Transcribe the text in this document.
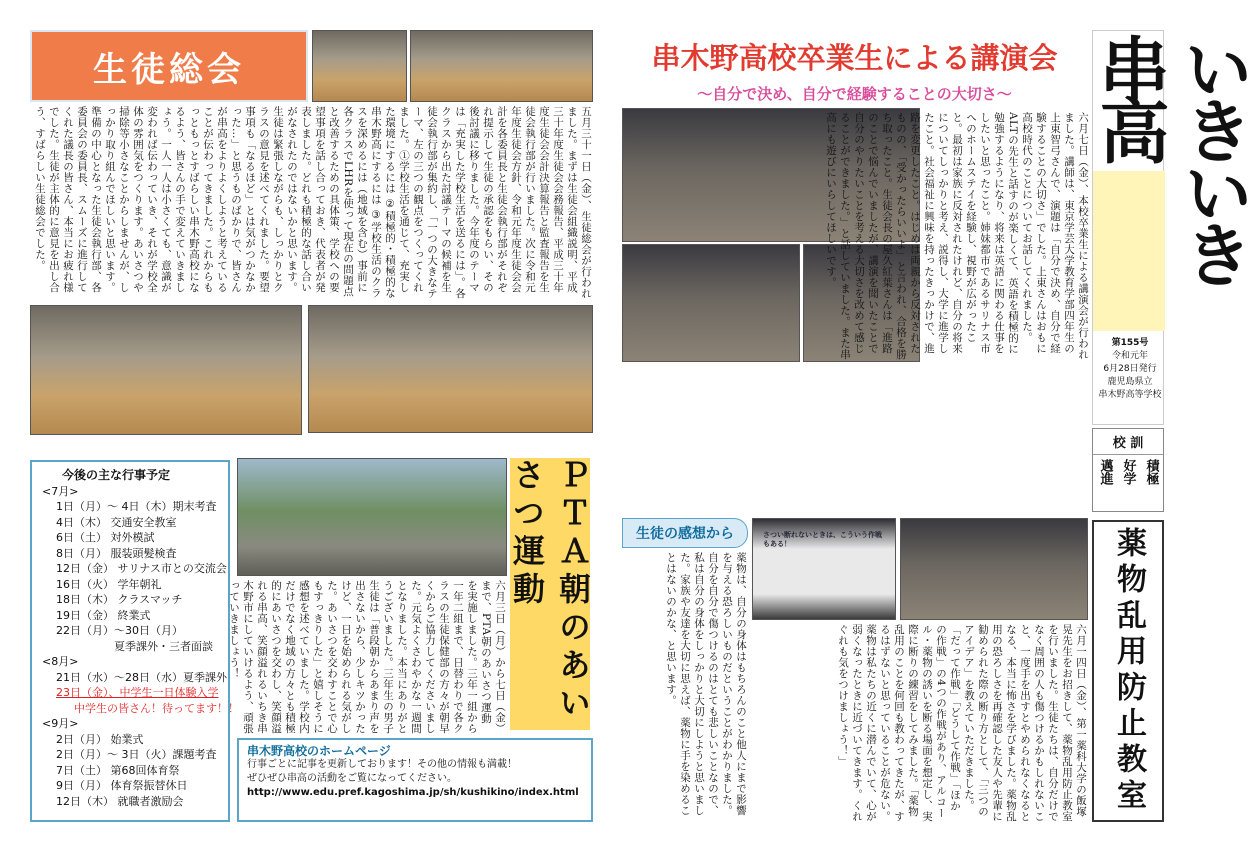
生徒総会
五月三十一日（金）、生徒総会が行われました。まずは生徒会組織説明、平成三十年度生徒会会務報告、平成三十年度生徒会会計決算報告と監査報告を生徒会執行部が行いました。次に令和元年度生徒会方針、令和元年度生徒会会計を各委員長と生徒会執行部がそれぞれ提示して生徒の承認をもらい、その後討議に移りました。今年度のテーマは「充実した学校生活を送るには」。各クラスから出た討議テーマの候補を生徒会執行部が集約し、「一つの大きなテーマ、左の三つの観点をつくってくれました。①学校生活を通じて、充実した環境にするには ②積極的・積極的な串木野高にするには ③学校生活のクラスを深めるには（地域を含む）事前に各クラスでLHRを使って現在の問題点と改善するための具体策、学校への要望事項を話し合っておき、代表者が発表しました。どれも積極的な話し合いがなされたのではないかと思います。生徒は緊張しながらも、しっかりとクラスの意見を述べてくれました。要望事項も「なるほど」とは気がつかなかった…」と思うものばかりで、皆さんが串高をよりよくしようと考えていることが伝わってきました。これからもっともっとすばらしい串木野高校になるよう、皆さんの手で変えていきましょう。一人一人は小さくても、意識が変われば伝わっていき、それが学校全体の雰囲気をつくります。あいさつや掃除等小さなことからしませんが、しっかり取り組んでほしいと思います。準備の中心となった生徒会執行部、各委員会の委員長、スムーズに進行してくれた議長の皆さん、本当にお疲れ様でした。生徒が主体的に意見を出し合う、すばらしい生徒総会でした。
今後の主な行事予定
<7月>
1日（月）～ 4日（木）期末考査
4日（木） 交通安全教室
6日（土） 対外模試
8日（月） 服装頭髪検査
12日（金） サリナス市との交流会
16日（火） 学年朝礼
18日（木） クラスマッチ
19日（金） 終業式
22日（月）～30日（月）
夏季課外・三者面談
<8月>
21日（水）～28日（水）夏季課外
23日（金）、中学生一日体験入学
中学生の皆さん！待ってます！！
<9月>
2日（月） 始業式
2日（月）～ 3日（火）課題考査
7日（土） 第68回体育祭
9日（月） 体育祭振替休日
12日（木） 就職者激励会
ＰＴＡ朝のあいさつ運動
六月三日（月）から七日（金）まで、PTA朝のあいさつ運動を実施しました。三年一組から一年二組まで、日替わりで各クラスの生徒保健部の方々が朝早くからご協力してくださいました。元気よくさわやかな一週間となりました。本当にありがとうございました。三年生の男子生徒は「普段朝からあまり声を出さないから、少しキツかったけど、一日を始められる気がした。あいさつを交わすことで心もすっきりした」と嬉しそうに感想を述べていました。学校内だけでなく地域の方々とも積極的にあいさつを交わし、笑顔溢れる串高、笑顔溢れるいちき串木野市にしていけるよう、頑張っていきましょう！
串木野高校のホームページ
行事ごとに記事を更新しております！その他の情報も満載！
ぜひぜひ串高の活動をご覧になってください。
http://www.edu.pref.kagoshima.jp/sh/kushikino/index.html
串木野高校卒業生による講演会
～自分で決め、自分で経験することの大切さ～	いきいき串高
第155号
令和元年
6月28日発行
鹿児島県立
串木野高等学校
六月七日（金）、本校卒業生による講演会が行われました。講師は、東京学芸大学教育学部四年生の上東智弓さんで、演題は「自分で決め、自分で経験することの大切さ」でした。上東さんはおもに高校時代のことについてお話してくれました。ALTの先生と話すのが楽しくて、英語を積極的に勉強するようになり、将来は英語に関わる仕事をしたいと思ったこと。姉妹都市であるサリナス市へのホームステイを経験し、視野が広がったこと。最初は家族に反対されたけれど、自分の将来についてしっかりと考え、説得し、大学に進学したこと。社会福祉に興味を持ったきっかけで、進路を変更したこと。はじめは両親から反対されたものの、「受かったらいいよ」と言われ、合格を勝ち取ったこと。生徒会長の屋久紅葉さんは「進路のことで悩んでいましたが、講演を聞いたことで自分のやりたいことを考える大切さを改めて感じることができました。」と話していました。また串高にも遊びにいらしてほしいです。
校 訓
積極
好学
邁進
生徒の感想から	さつい断れないときは、こういう作戦もある！
薬物は、自分の身体はもちろんのこと他人にまで影響を与える恐ろしいものだということがわかりました。自分を自分で傷つけるのはとても悲しいことなので、私は自分の身体をしっかりと大切にしようと思いました。家族や友達を大切に思えば、薬物に手を染めることはないのかな、と思います。	六月一四日（金）、第一薬科大学の飯塚晃先生をお招きして、薬物乱用防止教室を行いました。生徒たちは、自分だけでなく周囲の人も傷つけるかもしれないこと、一度手を出すとやめられなくなるとなる、本当に怖さを学びました。薬物乱用の恐ろしさを再確認した友人や先輩に勧められた際の断り方として、「三つのアイデア」を教えていただきました。「だって作戦」「どうして作戦」「ほかの作戦」の4つの作戦があり、アルコール・薬物の誘いを断る場面を想定し、実際に断りの練習をしてみました。「薬物乱用のことを何回も教わってきたが、するはずないと思っていることが危ない。薬物は私たちの近くに潜んでいて、心が弱くなったときに近づいてきます。くれぐれも気をつけましょう！」	薬物乱用防止教室
